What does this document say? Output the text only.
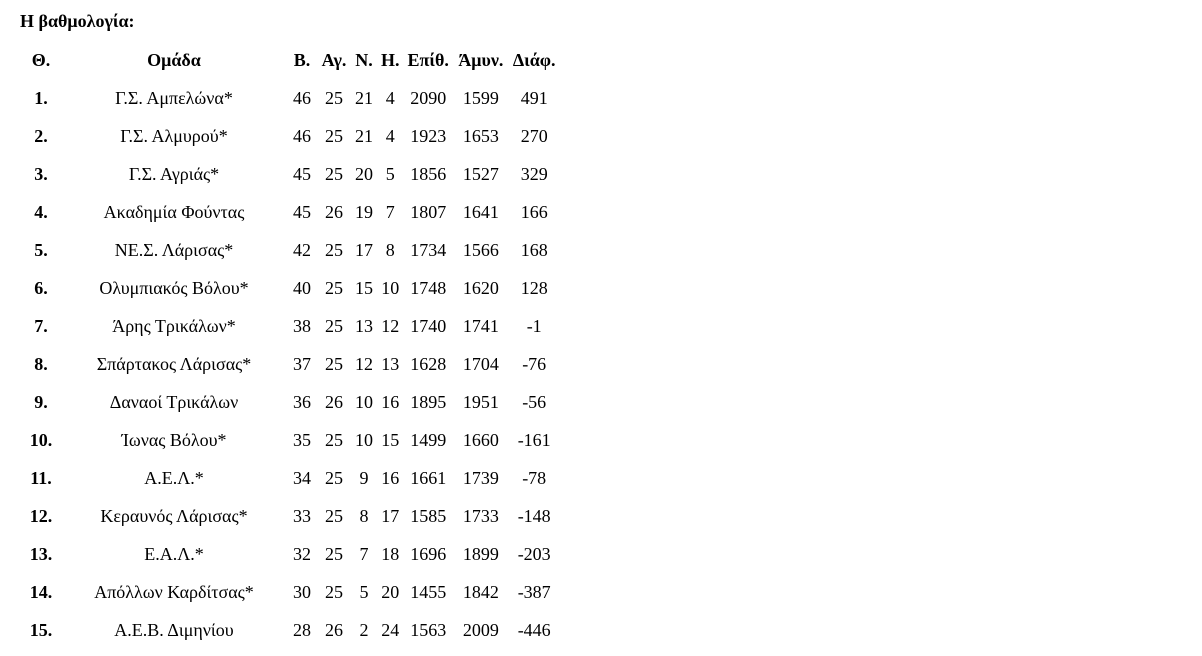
Η βαθμολογία:
Θ.	Ομάδα	Β.	Αγ.	Ν.	Η.	Επίθ.	Άμυν.	Διάφ.
1.	Γ.Σ. Αμπελώνα*	46	25	21	4	2090	1599	491
2.	Γ.Σ. Αλμυρού*	46	25	21	4	1923	1653	270
3.	Γ.Σ. Αγριάς*	45	25	20	5	1856	1527	329
4.	Ακαδημία Φούντας	45	26	19	7	1807	1641	166
5.	ΝΕ.Σ. Λάρισας*	42	25	17	8	1734	1566	168
6.	Ολυμπιακός Βόλου*	40	25	15	10	1748	1620	128
7.	Άρης Τρικάλων*	38	25	13	12	1740	1741	-1
8.	Σπάρτακος Λάρισας*	37	25	12	13	1628	1704	-76
9.	Δαναοί Τρικάλων	36	26	10	16	1895	1951	-56
10.	Ίωνας Βόλου*	35	25	10	15	1499	1660	-161
11.	Α.Ε.Λ.*	34	25	9	16	1661	1739	-78
12.	Κεραυνός Λάρισας*	33	25	8	17	1585	1733	-148
13.	Ε.Α.Λ.*	32	25	7	18	1696	1899	-203
14.	Απόλλων Καρδίτσας*	30	25	5	20	1455	1842	-387
15.	Α.Ε.Β. Διμηνίου	28	26	2	24	1563	2009	-446
